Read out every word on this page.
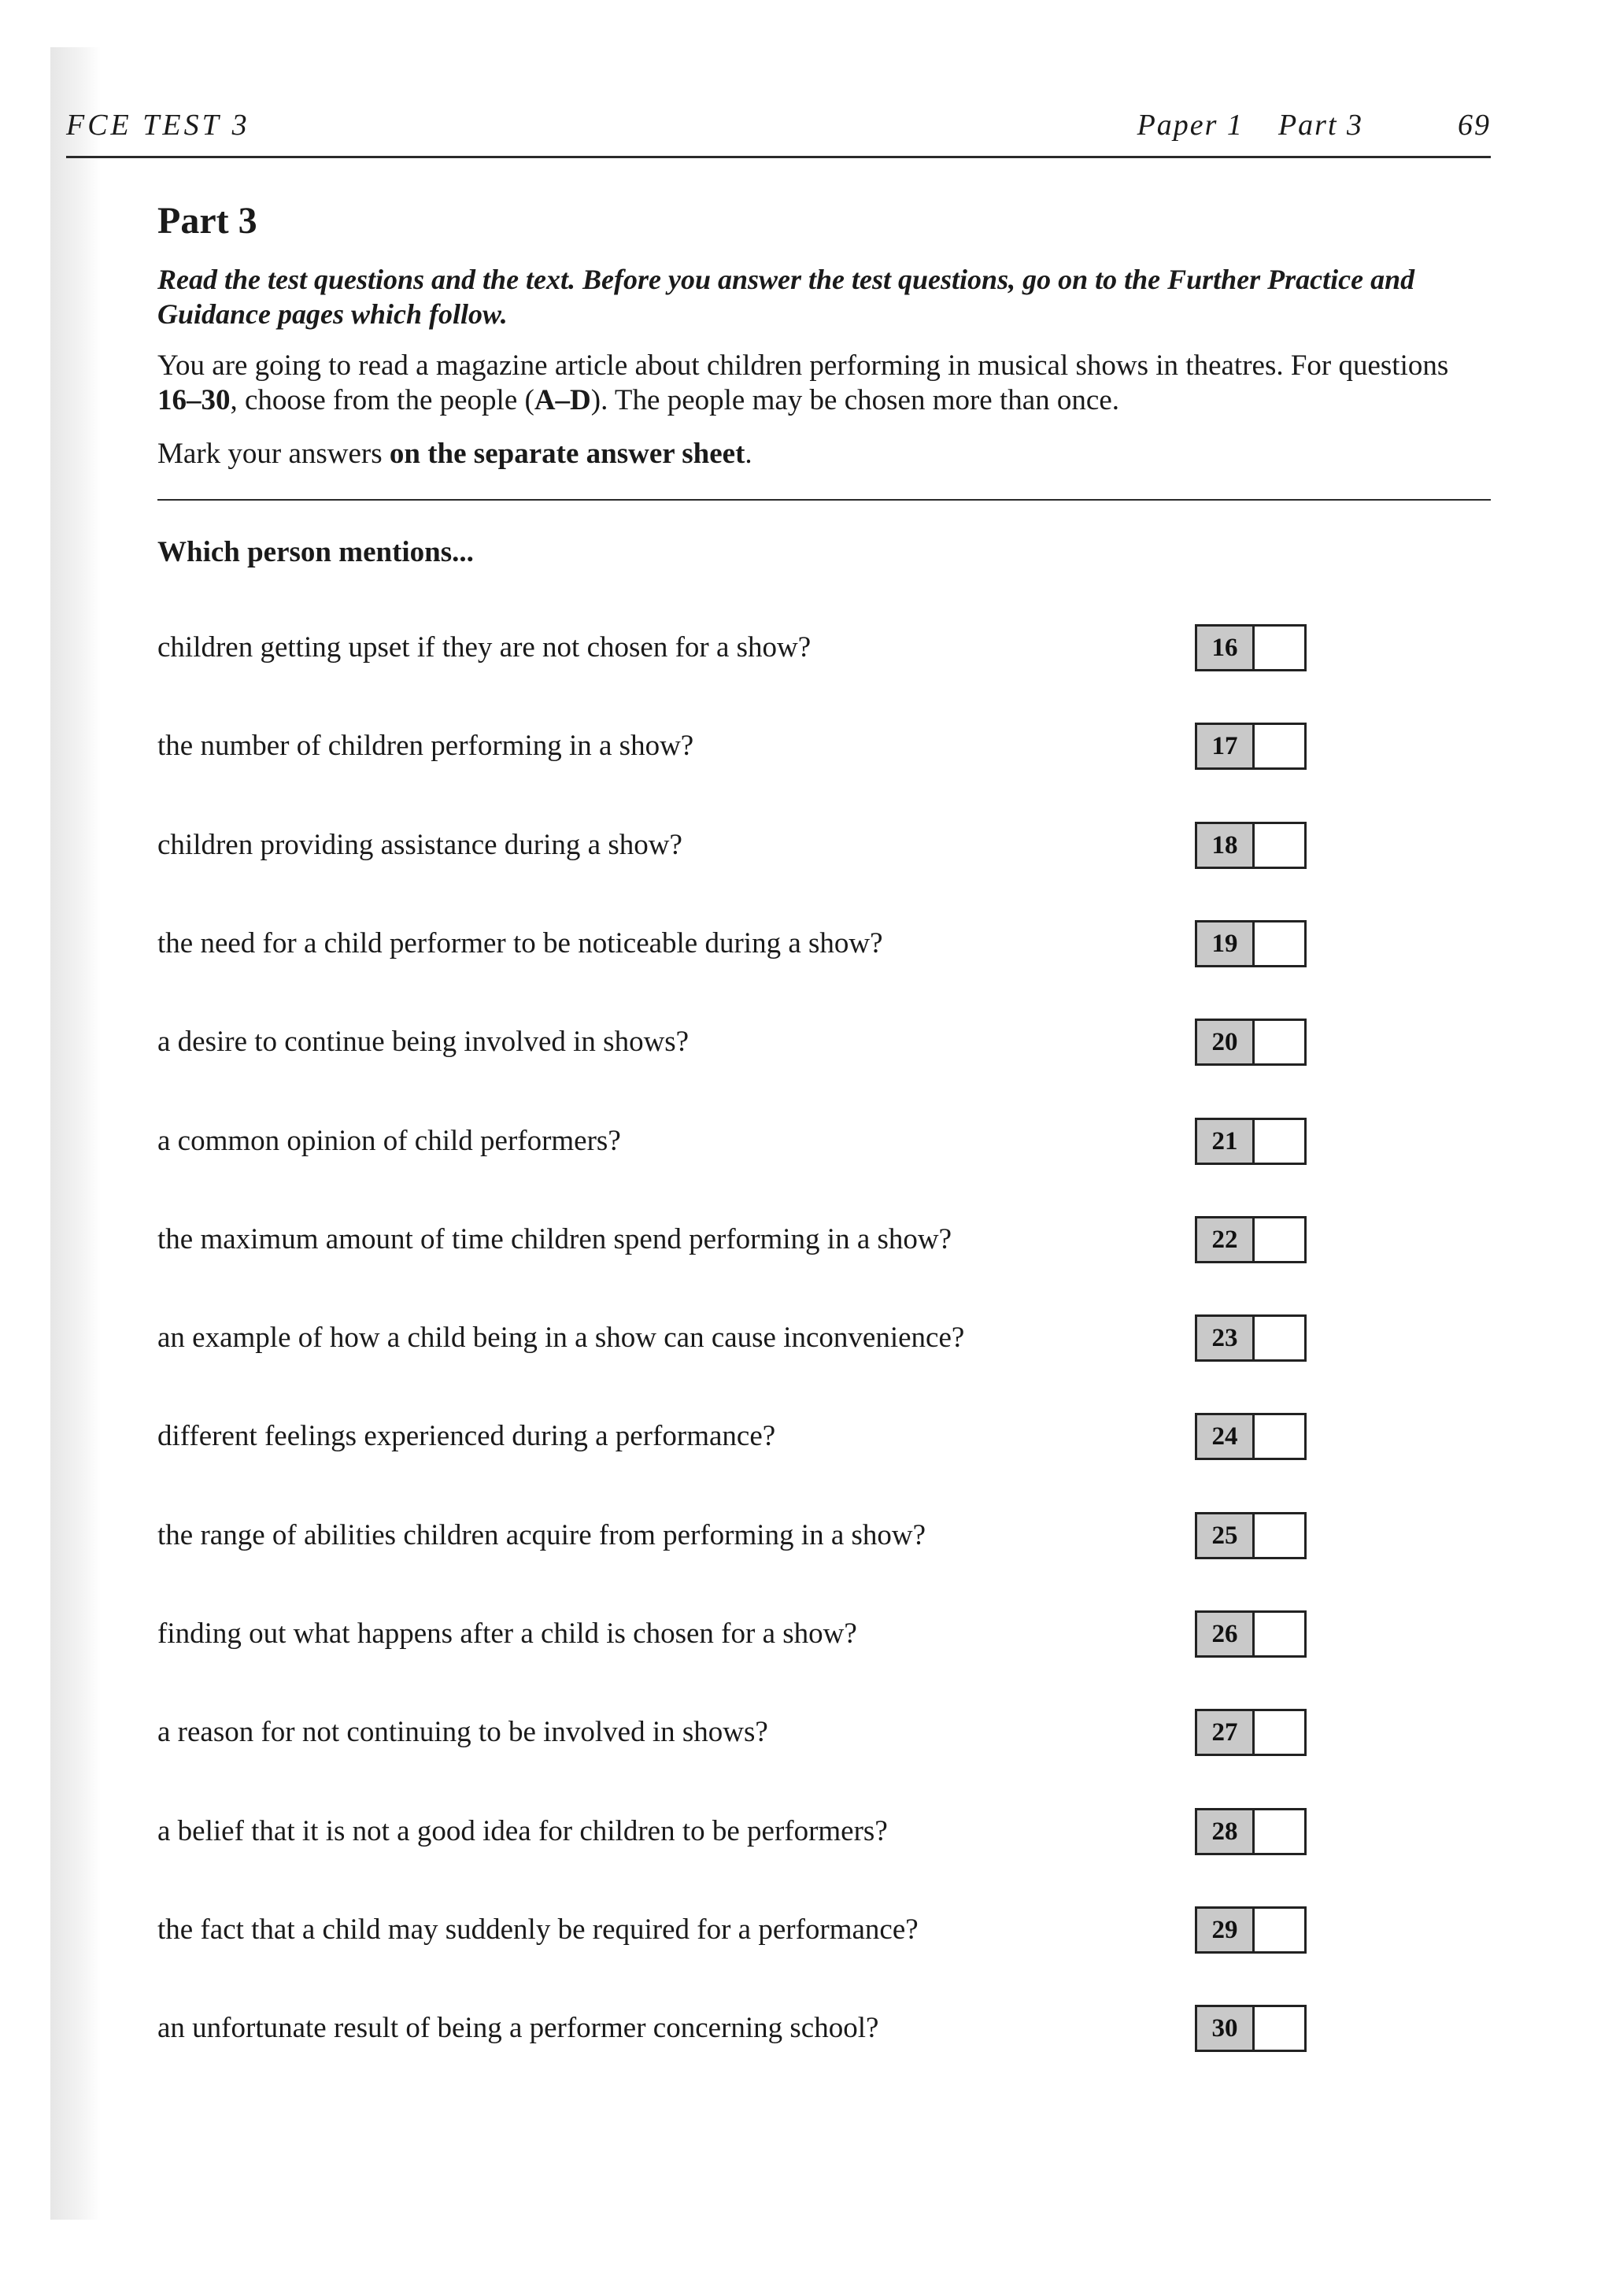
FCE TEST 3	Paper 1 Part 3	69
Part 3
Read the test questions and the text. Before you answer the test questions, go on to the Further Practice and Guidance pages which follow.
You are going to read a magazine article about children performing in musical shows in theatres. For questions 16–30, choose from the people (A–D). The people may be chosen more than once.
Mark your answers on the separate answer sheet.
Which person mentions...
children getting upset if they are not chosen for a show?	16
the number of children performing in a show?	17
children providing assistance during a show?	18
the need for a child performer to be noticeable during a show?	19
a desire to continue being involved in shows?	20
a common opinion of child performers?	21
the maximum amount of time children spend performing in a show?	22
an example of how a child being in a show can cause inconvenience?	23
different feelings experienced during a performance?	24
the range of abilities children acquire from performing in a show?	25
finding out what happens after a child is chosen for a show?	26
a reason for not continuing to be involved in shows?	27
a belief that it is not a good idea for children to be performers?	28
the fact that a child may suddenly be required for a performance?	29
an unfortunate result of being a performer concerning school?	30
